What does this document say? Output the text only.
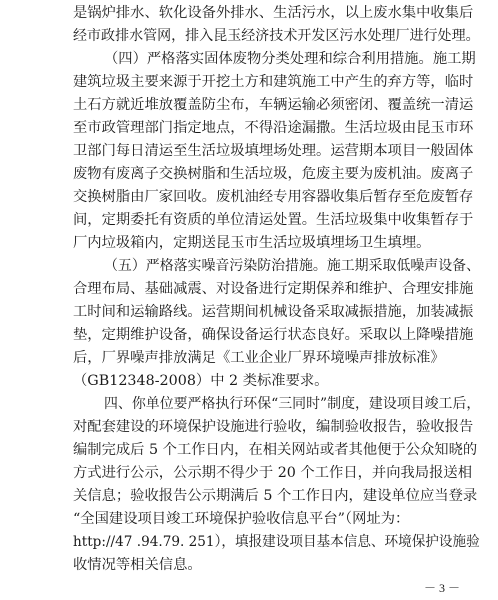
是锅炉排水、软化设备外排水、生活污水，以上废水集中收集后

经市政排水管网，排入昆玉经济技术开发区污水处理厂进行处理。

（四）严格落实固体废物分类处理和综合利用措施。施工期

建筑垃圾主要来源于开挖土方和建筑施工中产生的弃方等，临时

土石方就近堆放覆盖防尘布，车辆运输必须密闭、覆盖统一清运

至市政管理部门指定地点，不得沿途漏撒。生活垃圾由昆玉市环

卫部门每日清运至生活垃圾填埋场处理。运营期本项目一般固体

废物有废离子交换树脂和生活垃圾，危废主要为废机油。废离子

交换树脂由厂家回收。废机油经专用容器收集后暂存至危废暂存

间，定期委托有资质的单位清运处置。生活垃圾集中收集暂存于

厂内垃圾箱内，定期送昆玉市生活垃圾填埋场卫生填埋。

（五）严格落实噪音污染防治措施。施工期采取低噪声设备、

合理布局、基础减震、对设备进行定期保养和维护、合理安排施

工时间和运输路线。运营期间机械设备采取减振措施，加装减振

垫，定期维护设备，确保设备运行状态良好。采取以上降噪措施

后，厂界噪声排放满足《工业企业厂界环境噪声排放标准》

（GB12348-2008）中 2 类标准要求。

四、你单位要严格执行环保“三同时”制度，建设项目竣工后，

对配套建设的环境保护设施进行验收，编制验收报告，验收报告

编制完成后 5 个工作日内，在相关网站或者其他便于公众知晓的

方式进行公示，公示期不得少于 20 个工作日，并向我局报送相

关信息；验收报告公示期满后 5 个工作日内，建设单位应当登录

“全国建设项目竣工环境保护验收信息平台”（网址为：

http://47 .94.79. 251），填报建设项目基本信息、环境保护设施验

收情况等相关信息。

－ 3 －
